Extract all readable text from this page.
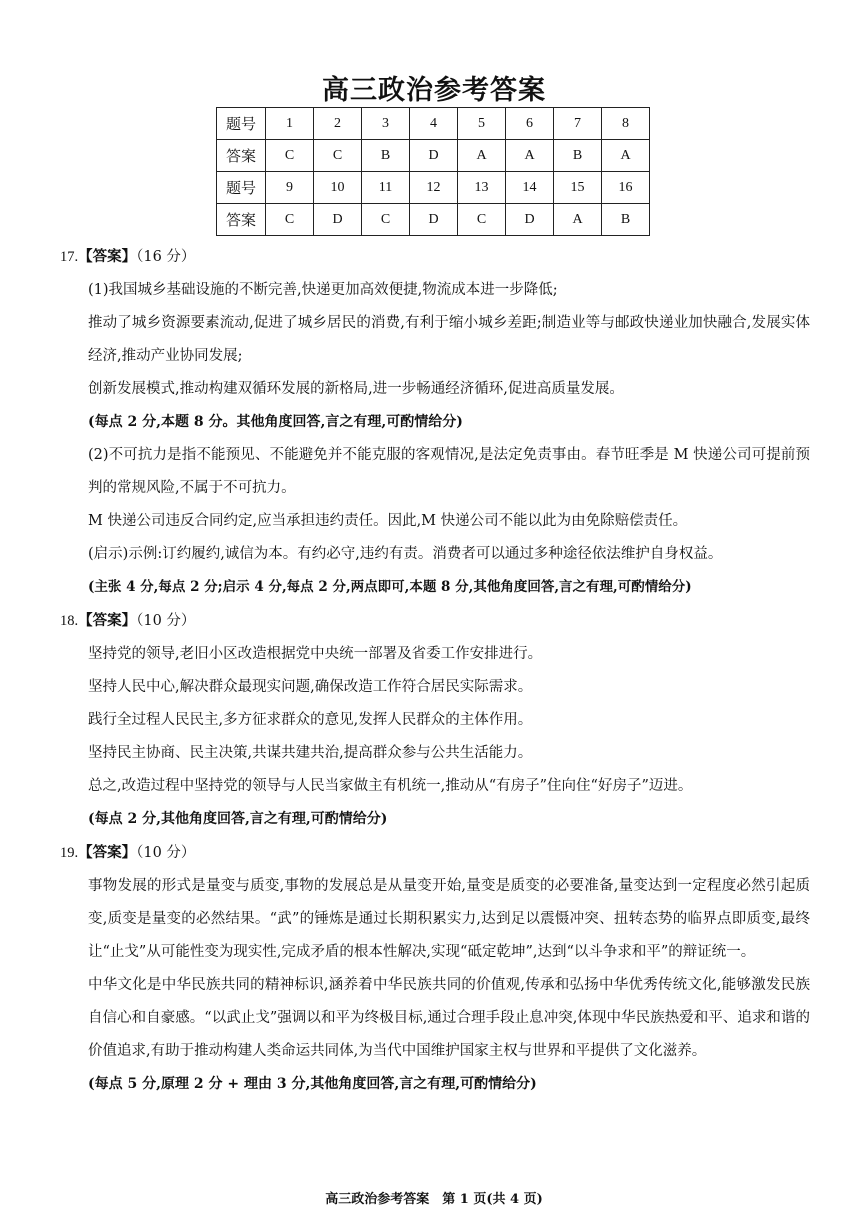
高三政治参考答案
题号	1	2	3	4	5	6	7	8
答案	C	C	B	D	A	A	B	A
题号	9	10	11	12	13	14	15	16
答案	C	D	C	D	C	D	A	B
17.【答案】（16 分）

(1)我国城乡基础设施的不断完善,快递更加高效便捷,物流成本进一步降低;

推动了城乡资源要素流动,促进了城乡居民的消费,有利于缩小城乡差距;制造业等与邮政快递业加快融合,发展实体经济,推动产业协同发展;

创新发展模式,推动构建双循环发展的新格局,进一步畅通经济循环,促进高质量发展。

(每点 2 分,本题 8 分。其他角度回答,言之有理,可酌情给分)

(2)不可抗力是指不能预见、不能避免并不能克服的客观情况,是法定免责事由。春节旺季是 M 快递公司可提前预判的常规风险,不属于不可抗力。

M 快递公司违反合同约定,应当承担违约责任。因此,M 快递公司不能以此为由免除赔偿责任。

(启示)示例:订约履约,诚信为本。有约必守,违约有责。消费者可以通过多种途径依法维护自身权益。

(主张 4 分,每点 2 分;启示 4 分,每点 2 分,两点即可,本题 8 分,其他角度回答,言之有理,可酌情给分)

18.【答案】（10 分）

坚持党的领导,老旧小区改造根据党中央统一部署及省委工作安排进行。

坚持人民中心,解决群众最现实问题,确保改造工作符合居民实际需求。

践行全过程人民民主,多方征求群众的意见,发挥人民群众的主体作用。

坚持民主协商、民主决策,共谋共建共治,提高群众参与公共生活能力。

总之,改造过程中坚持党的领导与人民当家做主有机统一,推动从“有房子”住向住“好房子”迈进。

(每点 2 分,其他角度回答,言之有理,可酌情给分)

19.【答案】（10 分）

事物发展的形式是量变与质变,事物的发展总是从量变开始,量变是质变的必要准备,量变达到一定程度必然引起质变,质变是量变的必然结果。“武”的锤炼是通过长期积累实力,达到足以震慑冲突、扭转态势的临界点即质变,最终让“止戈”从可能性变为现实性,完成矛盾的根本性解决,实现“砥定乾坤”,达到“以斗争求和平”的辩证统一。

中华文化是中华民族共同的精神标识,涵养着中华民族共同的价值观,传承和弘扬中华优秀传统文化,能够激发民族自信心和自豪感。“以武止戈”强调以和平为终极目标,通过合理手段止息冲突,体现中华民族热爱和平、追求和谐的价值追求,有助于推动构建人类命运共同体,为当代中国维护国家主权与世界和平提供了文化滋养。

(每点 5 分,原理 2 分 + 理由 3 分,其他角度回答,言之有理,可酌情给分)

高三政治参考答案　第 1 页(共 4 页)
